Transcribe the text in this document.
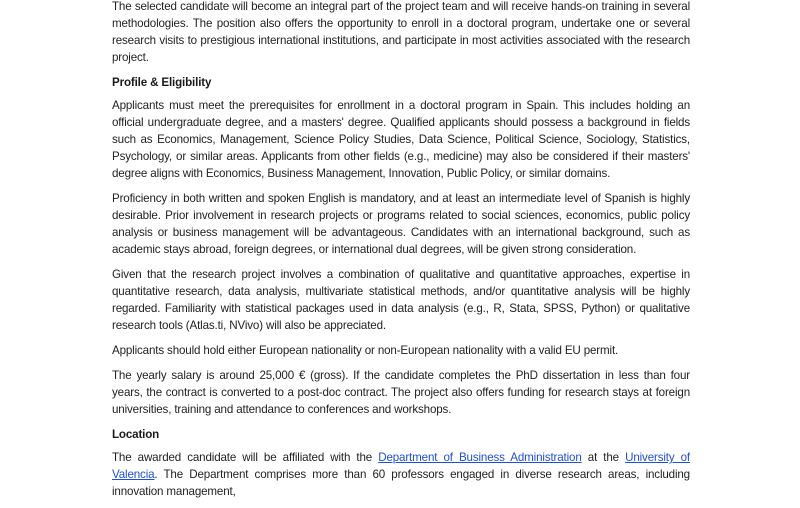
The selected candidate will become an integral part of the project team and will receive hands-on training in several methodologies. The position also offers the opportunity to enroll in a doctoral program, undertake one or several research visits to prestigious international institutions, and participate in most activities associated with the research project.

Profile & Eligibility

Applicants must meet the prerequisites for enrollment in a doctoral program in Spain. This includes holding an official undergraduate degree, and a masters' degree. Qualified applicants should possess a background in fields such as Economics, Management, Science Policy Studies, Data Science, Political Science, Sociology, Statistics, Psychology, or similar areas. Applicants from other fields (e.g., medicine) may also be considered if their masters' degree aligns with Economics, Business Management, Innovation, Public Policy, or similar domains.

Proficiency in both written and spoken English is mandatory, and at least an intermediate level of Spanish is highly desirable. Prior involvement in research projects or programs related to social sciences, economics, public policy analysis or business management will be advantageous. Candidates with an international background, such as academic stays abroad, foreign degrees, or international dual degrees, will be given strong consideration.

Given that the research project involves a combination of qualitative and quantitative approaches, expertise in quantitative research, data analysis, multivariate statistical methods, and/or quantitative analysis will be highly regarded. Familiarity with statistical packages used in data analysis (e.g., R, Stata, SPSS, Python) or qualitative research tools (Atlas.ti, NVivo) will also be appreciated.

Applicants should hold either European nationality or non-European nationality with a valid EU permit.

The yearly salary is around 25,000 € (gross). If the candidate completes the PhD dissertation in less than four years, the contract is converted to a post-doc contract. The project also offers funding for research stays at foreign universities, training and attendance to conferences and workshops.

Location

The awarded candidate will be affiliated with the Department of Business Administration at the University of Valencia. The Department comprises more than 60 professors engaged in diverse research areas, including innovation management,
